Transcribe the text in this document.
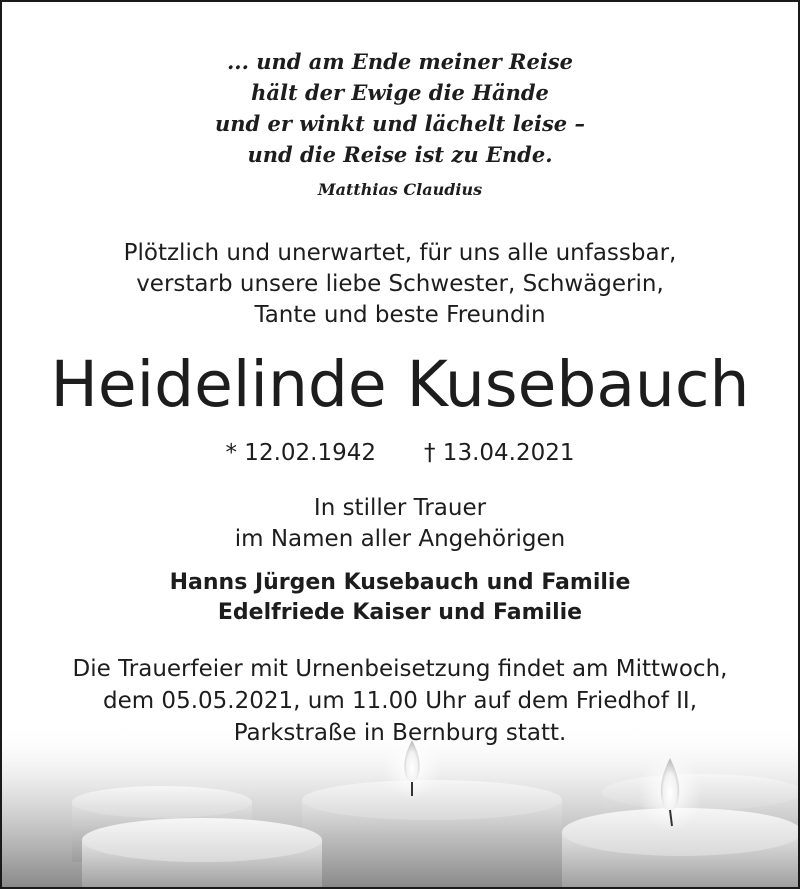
... und am Ende meiner Reise
hält der Ewige die Hände
und er winkt und lächelt leise –
und die Reise ist zu Ende.
Matthias Claudius
Plötzlich und unerwartet, für uns alle unfassbar,
verstarb unsere liebe Schwester, Schwägerin,
Tante und beste Freundin
Heidelinde Kusebauch
* 12.02.1942 † 13.04.2021
In stiller Trauer
im Namen aller Angehörigen
Hanns Jürgen Kusebauch und Familie
Edelfriede Kaiser und Familie
Die Trauerfeier mit Urnenbeisetzung findet am Mittwoch,
dem 05.05.2021, um 11.00 Uhr auf dem Friedhof II,
Parkstraße in Bernburg statt.
